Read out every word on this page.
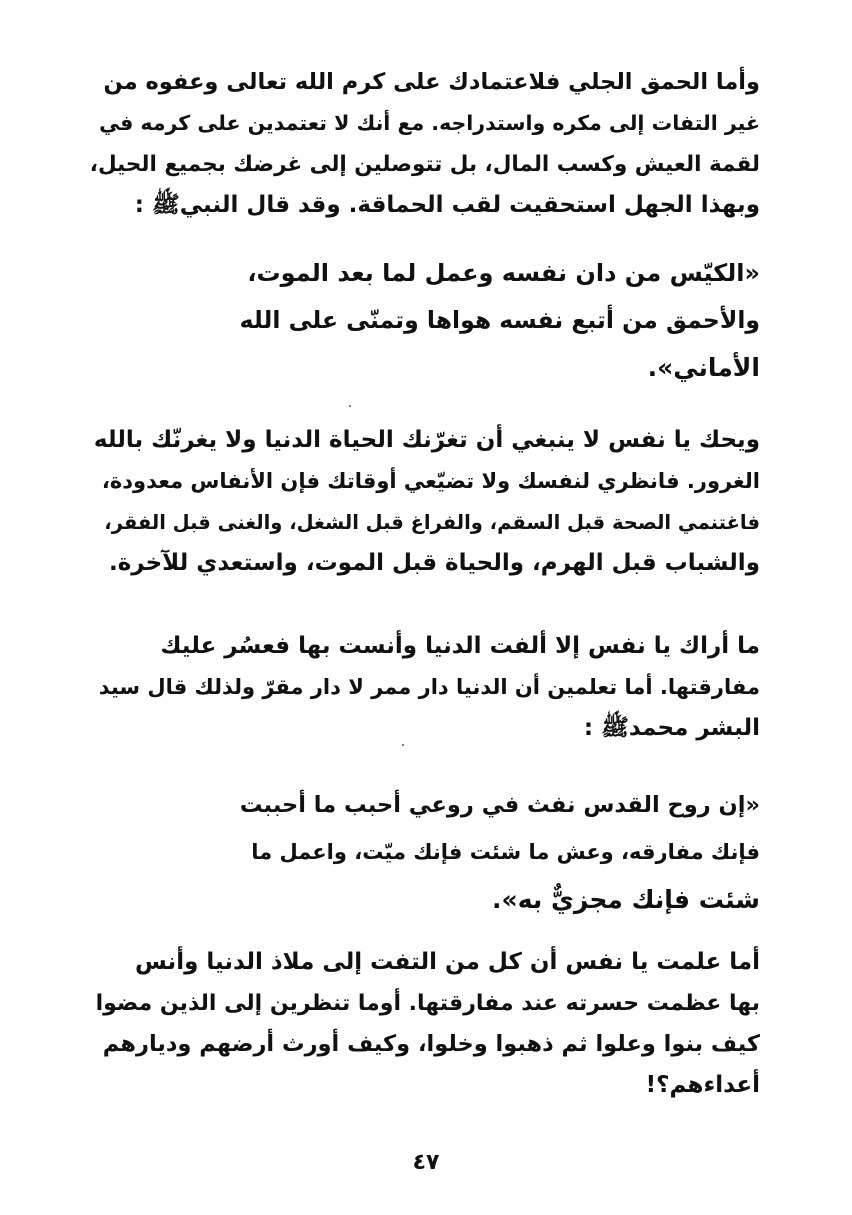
وأما الحمق الجلي فلاعتمادك على كرم الله تعالى وعفوه من
غير التفات إلى مكره واستدراجه. مع أنك لا تعتمدين على كرمه في
لقمة العيش وكسب المال، بل تتوصلين إلى غرضك بجميع الحيل،
وبهذا الجهل استحقيت لقب الحماقة. وقد قال النبيﷺ :
«الكيّس من دان نفسه وعمل لما بعد الموت،
والأحمق من أتبع نفسه هواها وتمنّى على الله
الأماني».
ويحك يا نفس لا ينبغي أن تغرّنك الحياة الدنيا ولا يغرنّك بالله
الغرور. فانظري لنفسك ولا تضيّعي أوقاتك فإن الأنفاس معدودة،
فاغتنمي الصحة قبل السقم، والفراغ قبل الشغل، والغنى قبل الفقر،
والشباب قبل الهرم، والحياة قبل الموت، واستعدي للآخرة.
ما أراك يا نفس إلا ألفت الدنيا وأنست بها فعسُر عليك
مفارقتها. أما تعلمين أن الدنيا دار ممر لا دار مقرّ ولذلك قال سيد
البشر محمدﷺ :
«إن روح القدس نفث في روعي أحبب ما أحببت
فإنك مفارقه، وعش ما شئت فإنك ميّت، واعمل ما
شئت فإنك مجزيٌّ به».
أما علمت يا نفس أن كل من التفت إلى ملاذ الدنيا وأنس
بها عظمت حسرته عند مفارقتها. أوما تنظرين إلى الذين مضوا
كيف بنوا وعلوا ثم ذهبوا وخلوا، وكيف أورث أرضهم وديارهم
أعداءهم؟!
٤٧
